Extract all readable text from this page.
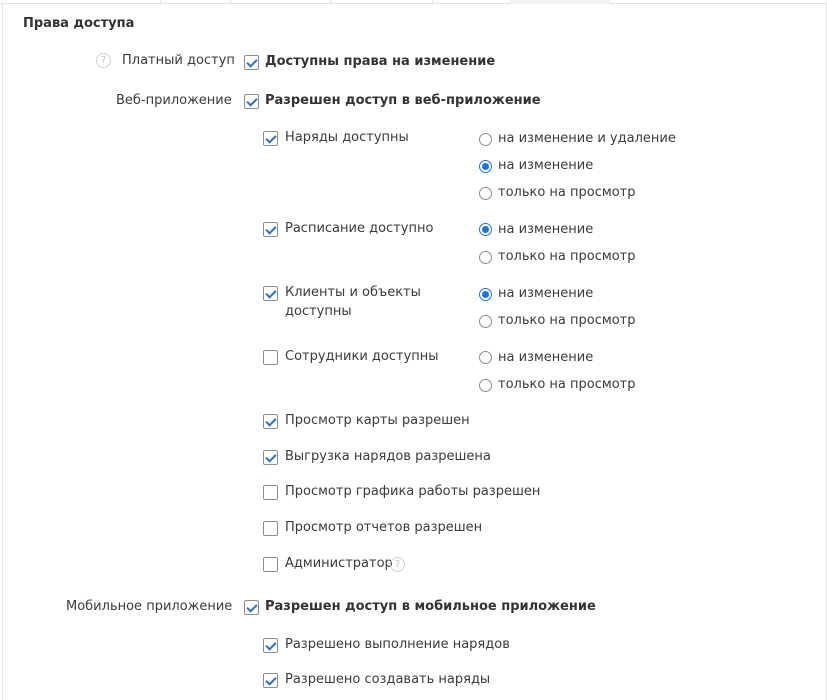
Права доступа
?	Платный доступ Доступны права на изменение
Веб-приложение	Разрешен доступ в веб-приложение
Наряды доступны	на изменение и удаление
на изменение
только на просмотр
Расписание доступно	на изменение
только на просмотр
Клиенты и объекты
доступны
на изменение
только на просмотр
Сотрудники доступны	на изменение
только на просмотр
Просмотр карты разрешен
Выгрузка нарядов разрешена
Просмотр графика работы разрешен
Просмотр отчетов разрешен
Администратор ?
Мобильное приложение	Разрешен доступ в мобильное приложение
Разрешено выполнение нарядов
Разрешено создавать наряды
